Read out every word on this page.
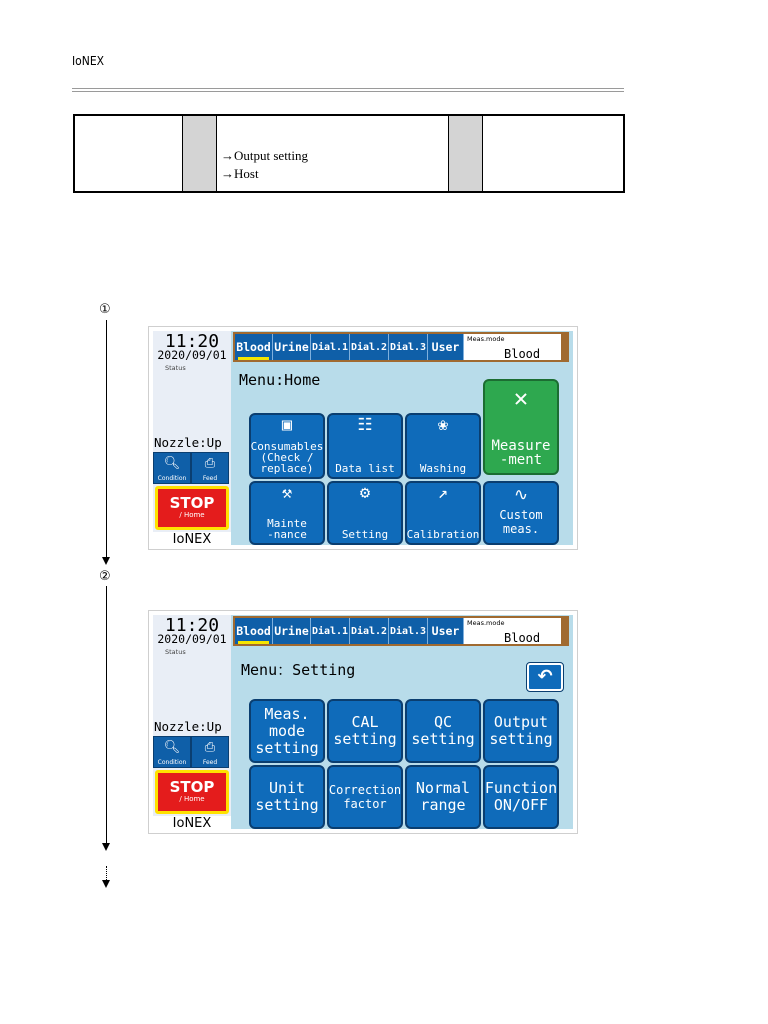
IoNEX
→Output setting
→Host
①
②
11:20
2020/09/01
Status
Nozzle:Up
🔍︎
Condition
⎙
Feed
STOP
/ Home
IoNEX
Blood Urine Dial.1 Dial.2 Dial.3 User
Meas.mode
Blood
Menu:Home
▣
Consumables
(Check /
replace)
☷
Data list
❀
Washing
✕
Measure
-ment
⚒
Mainte
-nance
⚙
Setting
↗
Calibration
∿
Custom
meas.
11:20
2020/09/01
Status
Nozzle:Up
🔍︎
Condition
⎙
Feed
STOP
/ Home
IoNEX
Blood Urine Dial.1 Dial.2 Dial.3 User
Meas.mode
Blood
Menu：Setting	↶
Meas.
mode
setting
CAL
setting
QC
setting
Output
setting
Unit
setting
Correction
factor
Normal
range
Function
ON/OFF
